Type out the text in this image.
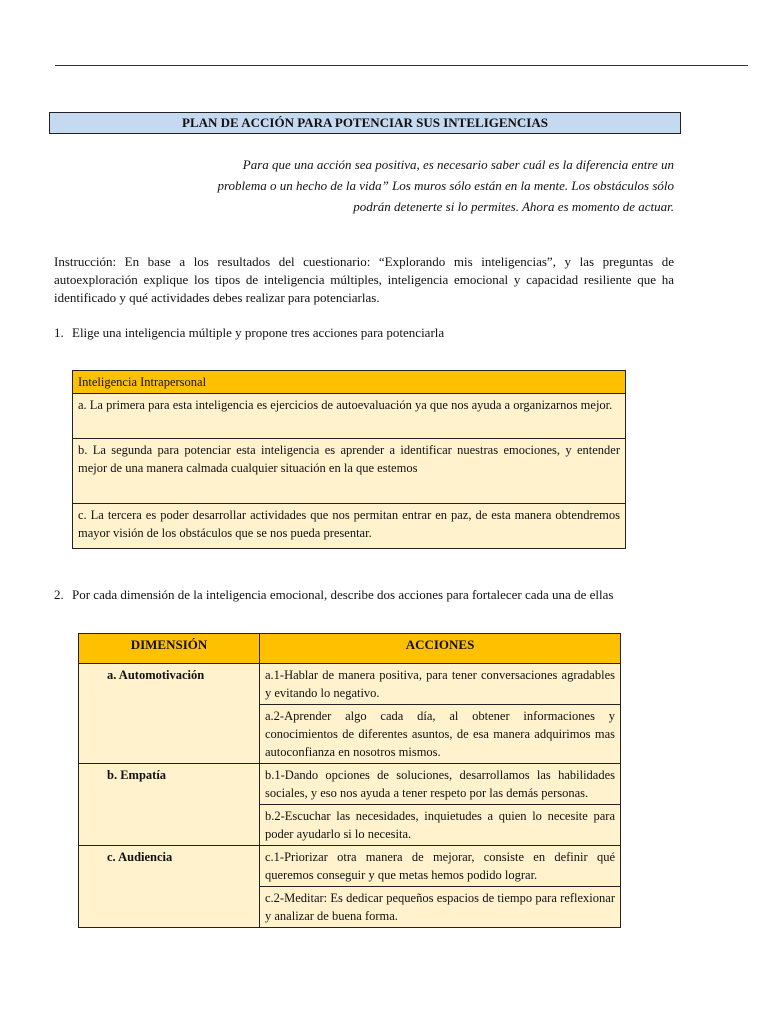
PLAN DE ACCIÓN PARA POTENCIAR SUS INTELIGENCIAS
Para que una acción sea positiva, es necesario saber cuál es la diferencia entre un
problema o un hecho de la vida” Los muros sólo están en la mente. Los obstáculos sólo
podrán detenerte si lo permites. Ahora es momento de actuar.
Instrucción: En base a los resultados del cuestionario: “Explorando mis inteligencias”, y las preguntas de autoexploración explique los tipos de inteligencia múltiples, inteligencia emocional y capacidad resiliente que ha identificado y qué actividades debes realizar para potenciarlas.
1. Elige una inteligencia múltiple y propone tres acciones para potenciarla
Inteligencia Intrapersonal
a. La primera para esta inteligencia es ejercicios de autoevaluación ya que nos ayuda a organizarnos mejor.
b. La segunda para potenciar esta inteligencia es aprender a identificar nuestras emociones, y entender mejor de una manera calmada cualquier situación en la que estemos
c. La tercera es poder desarrollar actividades que nos permitan entrar en paz, de esta manera obtendremos mayor visión de los obstáculos que se nos pueda presentar.
2. Por cada dimensión de la inteligencia emocional, describe dos acciones para fortalecer cada una de ellas
DIMENSIÓN	ACCIONES
a. Automotivación	a.1-Hablar de manera positiva, para tener conversaciones agradables y evitando lo negativo.
	a.2-Aprender algo cada día, al obtener informaciones y conocimientos de diferentes asuntos, de esa manera adquirimos mas autoconfianza en nosotros mismos.
b. Empatía	b.1-Dando opciones de soluciones, desarrollamos las habilidades sociales, y eso nos ayuda a tener respeto por las demás personas.
	b.2-Escuchar las necesidades, inquietudes a quien lo necesite para poder ayudarlo si lo necesita.
c. Audiencia	c.1-Priorizar otra manera de mejorar, consiste en definir qué queremos conseguir y que metas hemos podido lograr.
	c.2-Meditar: Es dedicar pequeños espacios de tiempo para reflexionar y analizar de buena forma.
